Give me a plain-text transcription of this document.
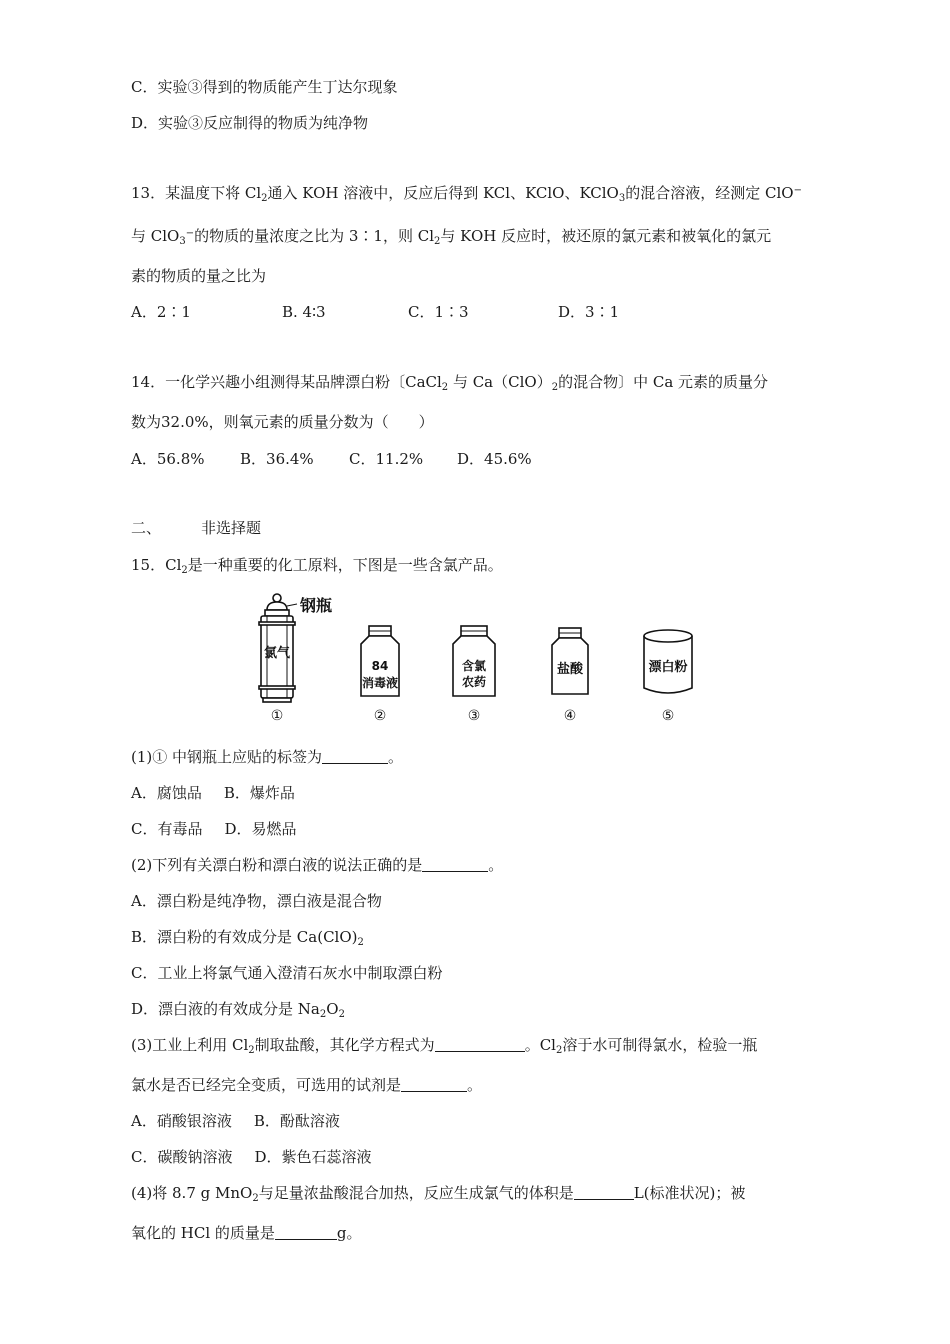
C．实验③得到的物质能产生丁达尔现象
D．实验③反应制得的物质为纯净物
13．某温度下将 $Cl_2$通入 KOH 溶液中，反应后得到 KCl、KClO、KClO$_3$的混合溶液，经测定 ClO−
与 ClO$_3$−的物质的量浓度之比为 3∶1，则 $Cl_2$与 KOH 反应时，被还原的氯元素和被氧化的氯元
素的物质的量之比为
A．2∶1	B. 4∶3	C．1∶3	D．3∶1
14．一化学兴趣小组测得某品牌漂白粉〔CaCl$_2$ 与 $Ca(ClO)_2$的混合物〕中 Ca 元素的质量分
数为32.0%，则氧元素的质量分数为（　　）
A．56.8% B．36.4% C．11.2% D．45.6%
二、	非选择题
15．$Cl_2$是一种重要的化工原料，下图是一些含氯产品。
钢瓶
氯气
84
消毒液
含氯
农药
盐酸	漂白粉
①	②	③	④	⑤
(1)① 中钢瓶上应贴的标签为	。
A．腐蚀品 B．爆炸品
C．有毒品 D．易燃品
(2)下列有关漂白粉和漂白液的说法正确的是	。
A．漂白粉是纯净物，漂白液是混合物
B．漂白粉的有效成分是 $Ca(ClO)_2$
C．工业上将氯气通入澄清石灰水中制取漂白粉
D．漂白液的有效成分是 $Na_2O_2$
(3)工业上利用 $Cl_2$制取盐酸，其化学方程式为	。$Cl_2$溶于水可制得氯水，检验一瓶
氯水是否已经完全变质，可选用的试剂是	。
A．硝酸银溶液 B．酚酞溶液
C．碳酸钠溶液 D．紫色石蕊溶液
(4)将 8.7 g MnO$_2$与足量浓盐酸混合加热，反应生成氯气的体积是	L(标准状况)；被
氧化的 HCl 的质量是	g。
